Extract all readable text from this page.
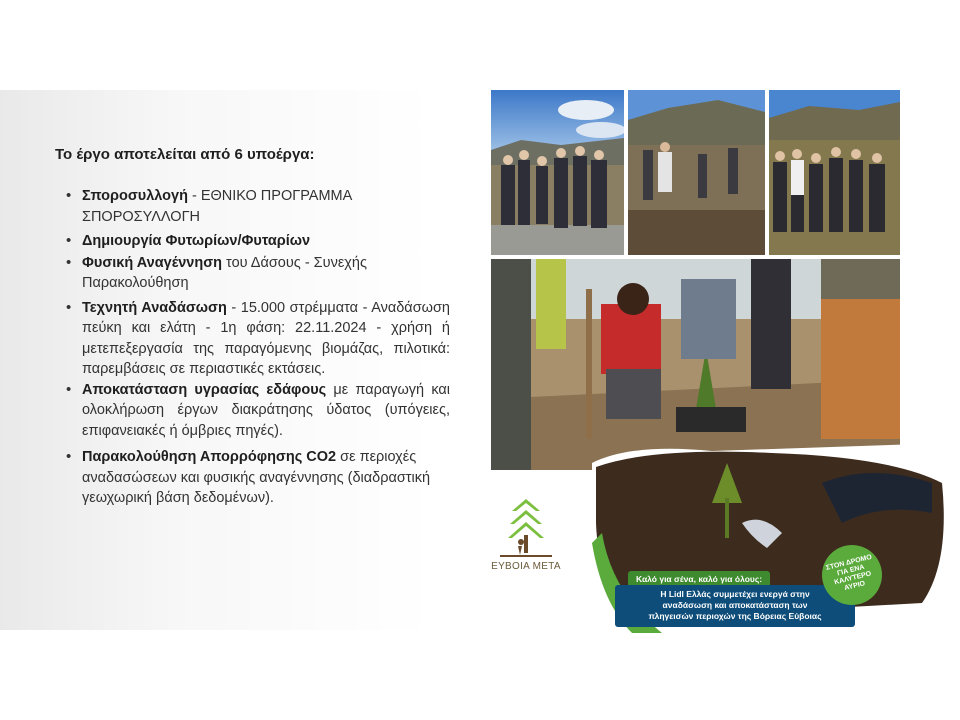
Το έργο αποτελείται από 6 υποέργα:
• Σποροσυλλογή - ΕΘΝΙΚΟ ΠΡΟΓΡΑΜΜΑ ΣΠΟΡΟΣΥΛΛΟΓΗ
• Δημιουργία Φυτωρίων/Φυταρίων
• Φυσική Αναγέννηση του Δάσους - Συνεχής Παρακολούθηση
• Τεχνητή Αναδάσωση - 15.000 στρέμματα - Αναδάσωση πεύκη και ελάτη - 1η φάση: 22.11.2024 - χρήση ή μετεπεξεργασία της παραγόμενης βιομάζας, πιλοτικά: παρεμβάσεις σε περιαστικές εκτάσεις.
• Αποκατάσταση υγρασίας εδάφους με παραγωγή και ολοκλήρωση έργων διακράτησης ύδατος (υπόγειες, επιφανειακές ή όμβριες πηγές).
• Παρακολούθηση Απορρόφησης CO2 σε περιοχές αναδασώσεων και φυσικής αναγέννησης (διαδραστική γεωχωρική βάση δεδομένων).
ΕΥΒΟΙΑ ΜΕΤΑ
Καλό για σένα, καλό για όλους:
Η Lidl Ελλάς συμμετέχει ενεργά στην
αναδάσωση και αποκατάσταση των
πληγεισών περιοχών της Βόρειας Εύβοιας
ΣΤΟΝ ΔΡΟΜΟ ΓΙΑ ΕΝΑ ΚΑΛΥΤΕΡΟ ΑΥΡΙΟ
